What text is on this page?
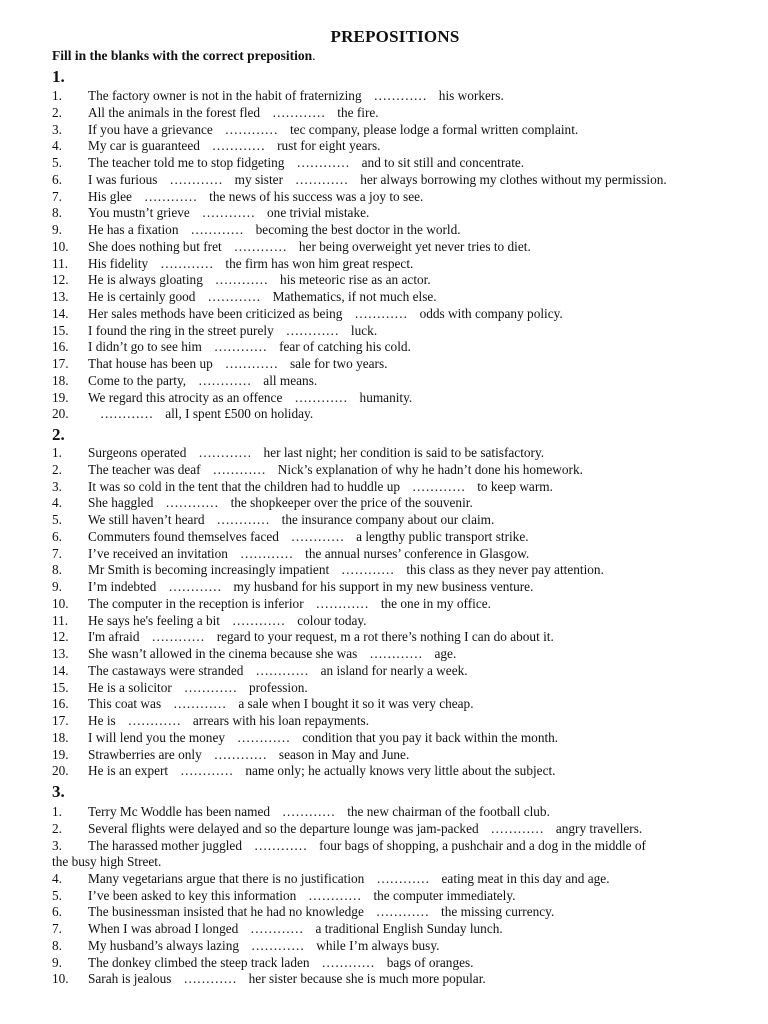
PREPOSITIONS
Fill in the blanks with the correct preposition.
1.
1. The factory owner is not in the habit of fraternizing ………… his workers.
2. All the animals in the forest fled ………… the fire.
3. If you have a grievance ………… tec company, please lodge a formal written complaint.
4. My car is guaranteed ………… rust for eight years.
5. The teacher told me to stop fidgeting ………… and to sit still and concentrate.
6. I was furious ………… my sister ………… her always borrowing my clothes without my permission.
7. His glee ………… the news of his success was a joy to see.
8. You mustn’t grieve ………… one trivial mistake.
9. He has a fixation ………… becoming the best doctor in the world.
10. She does nothing but fret ………… her being overweight yet never tries to diet.
11. His fidelity ………… the firm has won him great respect.
12. He is always gloating ………… his meteoric rise as an actor.
13. He is certainly good ………… Mathematics, if not much else.
14. Her sales methods have been criticized as being ………… odds with company policy.
15. I found the ring in the street purely ………… luck.
16. I didn’t go to see him ………… fear of catching his cold.
17. That house has been up ………… sale for two years.
18. Come to the party, ………… all means.
19. We regard this atrocity as an offence ………… humanity.
20. ………… all, I spent £500 on holiday.
2.
1. Surgeons operated ………… her last night; her condition is said to be satisfactory.
2. The teacher was deaf ………… Nick’s explanation of why he hadn’t done his homework.
3. It was so cold in the tent that the children had to huddle up ………… to keep warm.
4. She haggled ………… the shopkeeper over the price of the souvenir.
5. We still haven’t heard ………… the insurance company about our claim.
6. Commuters found themselves faced ………… a lengthy public transport strike.
7. I’ve received an invitation ………… the annual nurses’ conference in Glasgow.
8. Mr Smith is becoming increasingly impatient ………… this class as they never pay attention.
9. I’m indebted ………… my husband for his support in my new business venture.
10. The computer in the reception is inferior ………… the one in my office.
11. He says he's feeling a bit ………… colour today.
12. I'm afraid ………… regard to your request, m a rot there’s nothing I can do about it.
13. She wasn’t allowed in the cinema because she was ………… age.
14. The castaways were stranded ………… an island for nearly a week.
15. He is a solicitor ………… profession.
16. This coat was ………… a sale when I bought it so it was very cheap.
17. He is ………… arrears with his loan repayments.
18. I will lend you the money ………… condition that you pay it back within the month.
19. Strawberries are only ………… season in May and June.
20. He is an expert ………… name only; he actually knows very little about the subject.
3.
1. Terry Mc Woddle has been named ………… the new chairman of the football club.
2. Several flights were delayed and so the departure lounge was jam-packed ………… angry travellers.
3. The harassed mother juggled ………… four bags of shopping, a pushchair and a dog in the middle of
the busy high Street.
4. Many vegetarians argue that there is no justification ………… eating meat in this day and age.
5. I’ve been asked to key this information ………… the computer immediately.
6. The businessman insisted that he had no knowledge ………… the missing currency.
7. When I was abroad I longed ………… a traditional English Sunday lunch.
8. My husband’s always lazing ………… while I’m always busy.
9. The donkey climbed the steep track laden ………… bags of oranges.
10. Sarah is jealous ………… her sister because she is much more popular.
